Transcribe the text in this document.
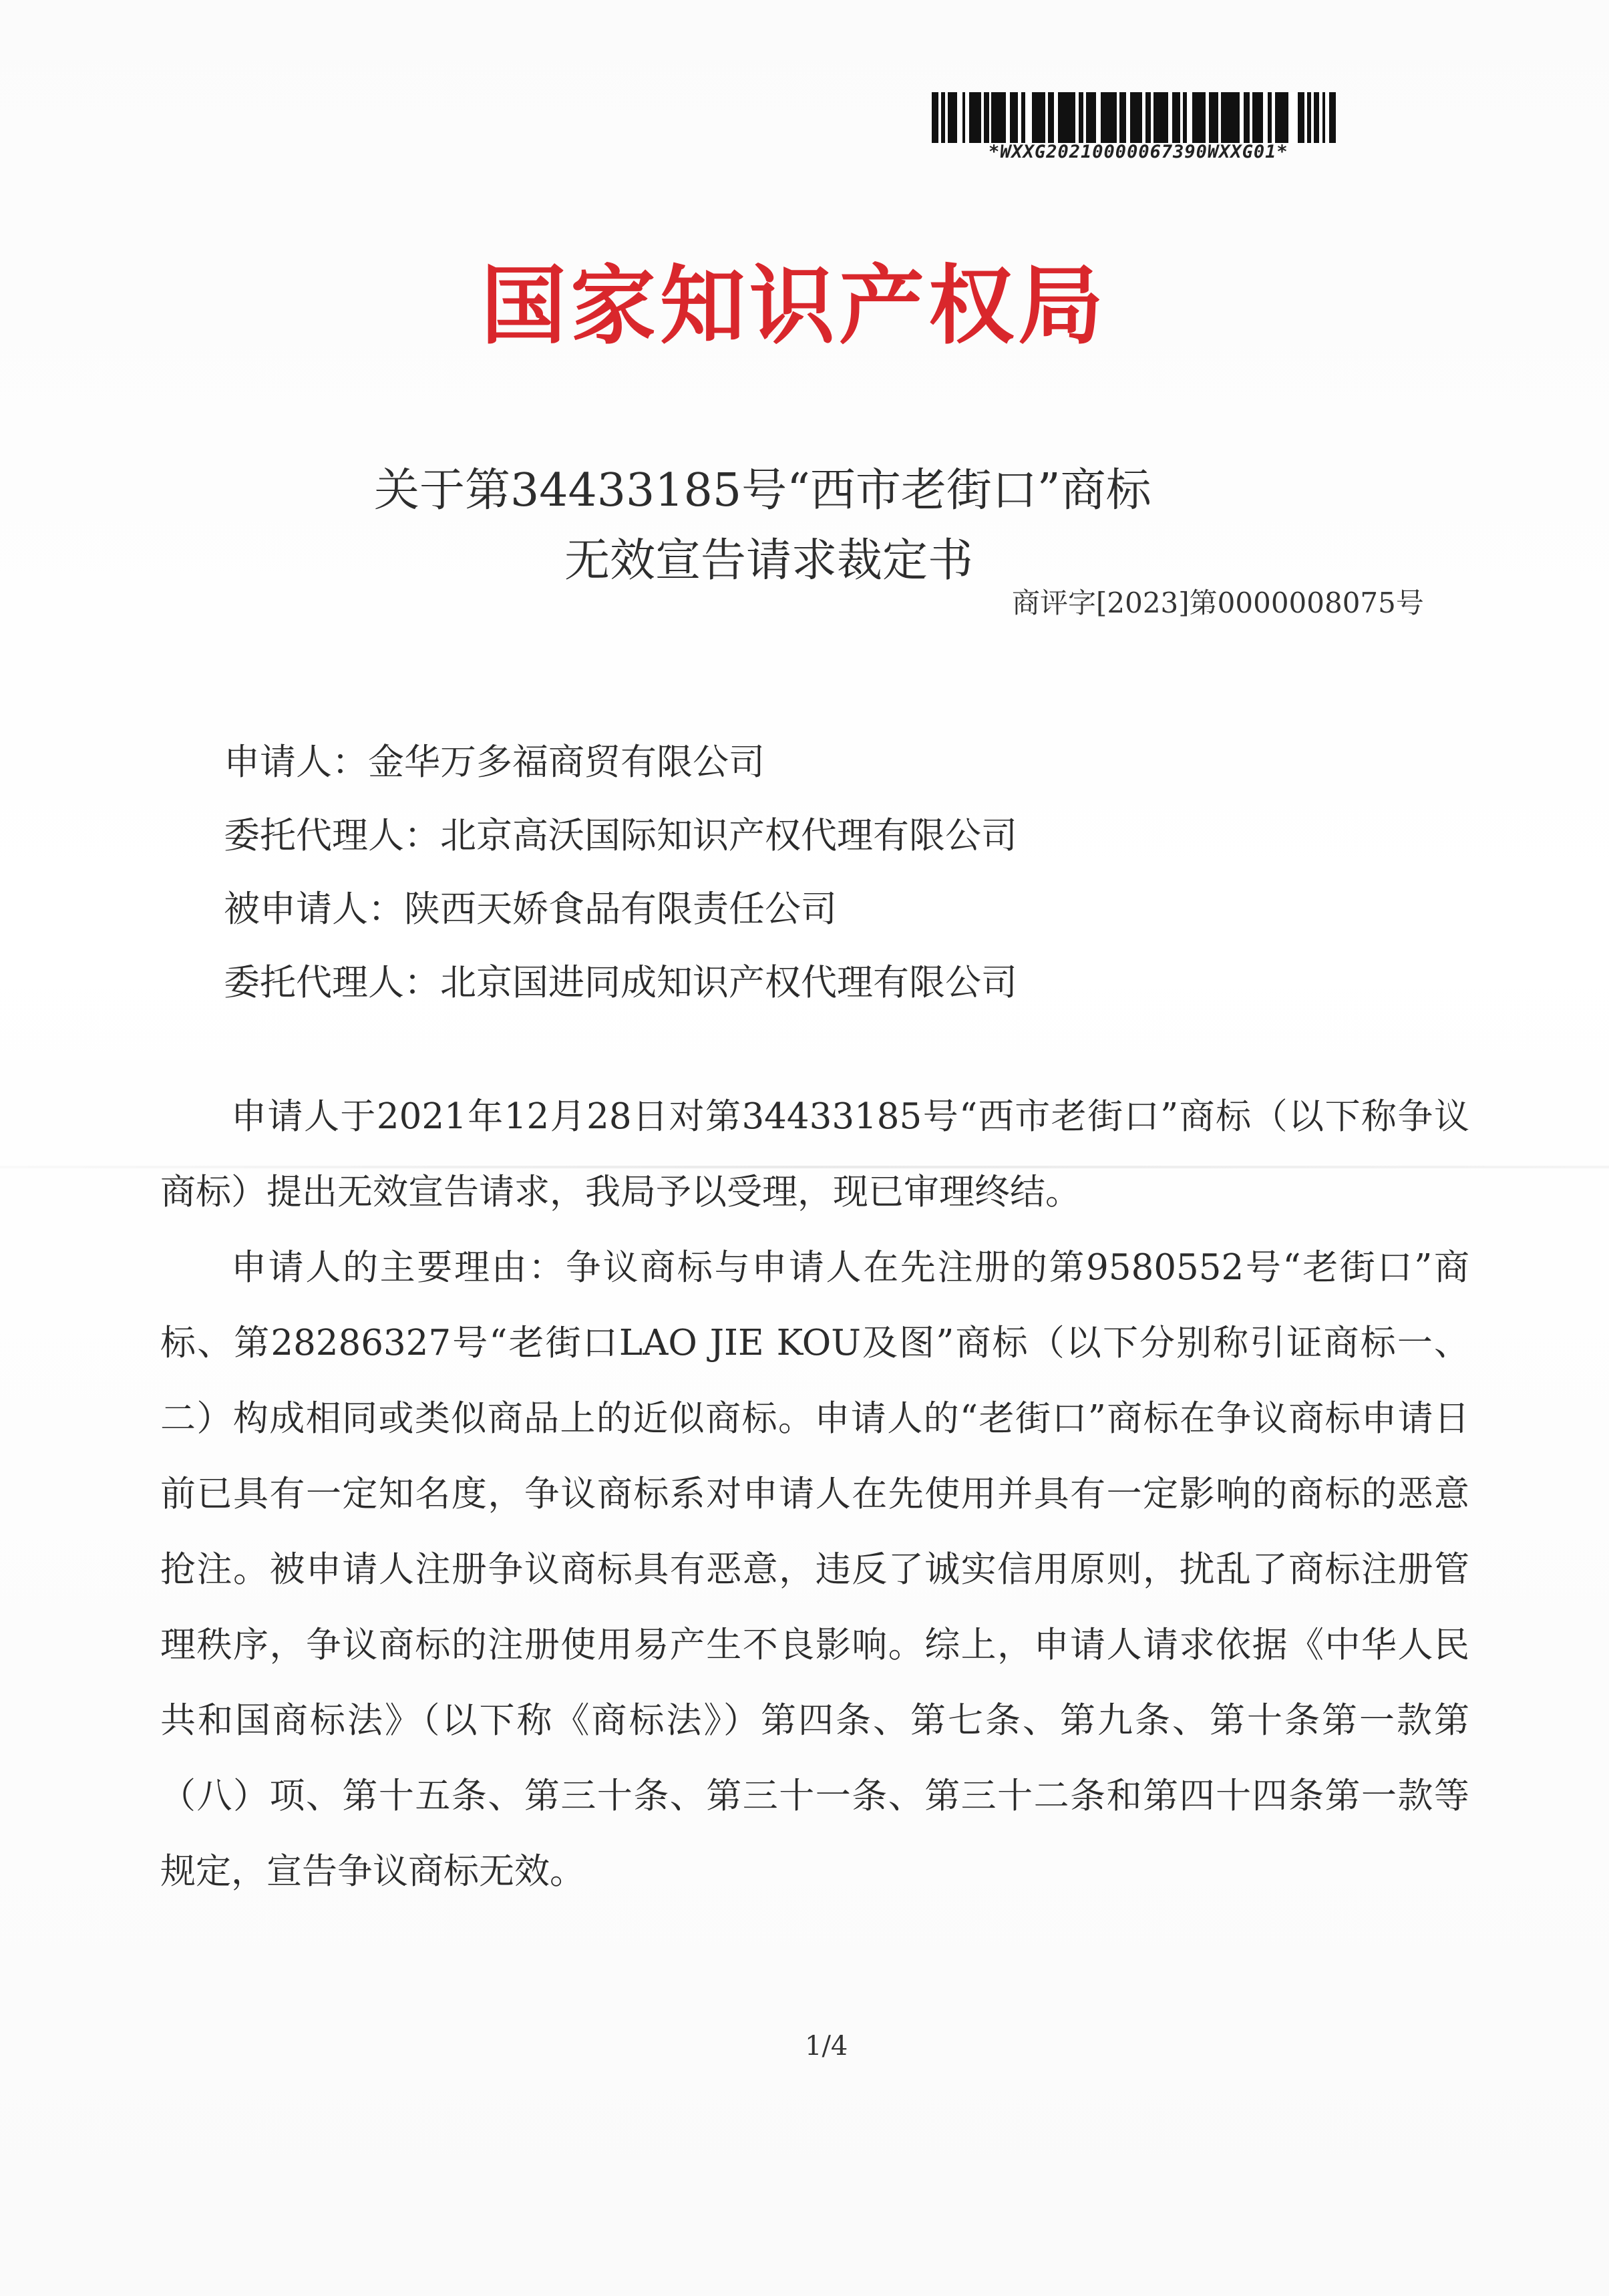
*WXXG20210000067390WXXG01*
国家知识产权局
关于第34433185号“西市老街口”商标
无效宣告请求裁定书
商评字[2023]第0000008075号
申请人：金华万多福商贸有限公司
委托代理人：北京高沃国际知识产权代理有限公司
被申请人：陕西天娇食品有限责任公司
委托代理人：北京国进同成知识产权代理有限公司

申请人于2021年12月28日对第34433185号“西市老街口”商标（以下称争议商标）提出无效宣告请求，我局予以受理，现已审理终结。

申请人的主要理由：争议商标与申请人在先注册的第9580552号“老街口”商标、第28286327号“老街口LAO JIE KOU及图”商标（以下分别称引证商标一、二）构成相同或类似商品上的近似商标。申请人的“老街口”商标在争议商标申请日前已具有一定知名度，争议商标系对申请人在先使用并具有一定影响的商标的恶意抢注。被申请人注册争议商标具有恶意，违反了诚实信用原则，扰乱了商标注册管理秩序，争议商标的注册使用易产生不良影响。综上，申请人请求依据《中华人民共和国商标法》（以下称《商标法》）第四条、第七条、第九条、第十条第一款第（八）项、第十五条、第三十条、第三十一条、第三十二条和第四十四条第一款等规定，宣告争议商标无效。

1/4
